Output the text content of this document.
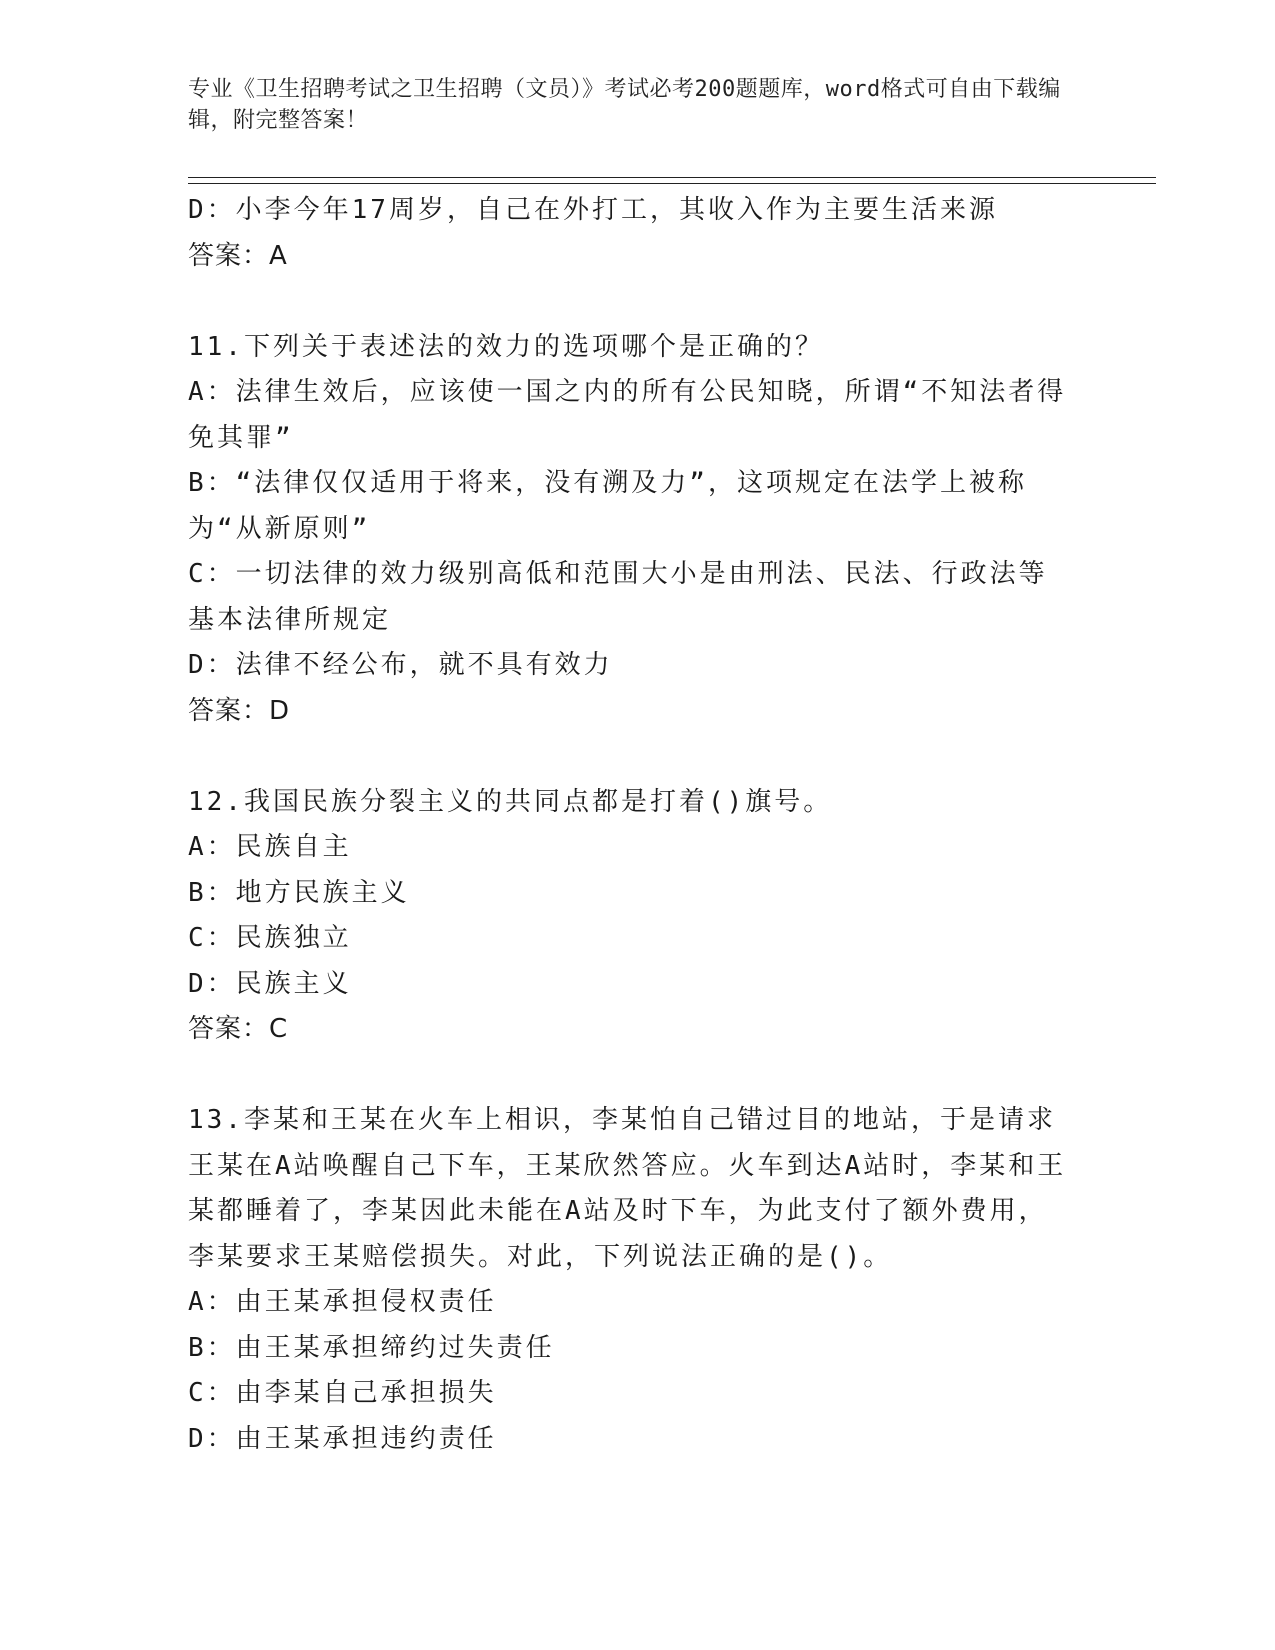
专业《卫生招聘考试之卫生招聘（文员）》考试必考200题题库，word格式可自由下载编辑，附完整答案！
D：小李今年17周岁，自己在外打工，其收入作为主要生活来源
答案：A
11.下列关于表述法的效力的选项哪个是正确的？
A：法律生效后，应该使一国之内的所有公民知晓，所谓“不知法者得免其罪”
B：“法律仅仅适用于将来，没有溯及力”，这项规定在法学上被称为“从新原则”
C：一切法律的效力级别高低和范围大小是由刑法、民法、行政法等基本法律所规定
D：法律不经公布，就不具有效力
答案：D
12.我国民族分裂主义的共同点都是打着()旗号。
A：民族自主
B：地方民族主义
C：民族独立
D：民族主义
答案：C
13.李某和王某在火车上相识，李某怕自己错过目的地站，于是请求王某在A站唤醒自己下车，王某欣然答应。火车到达A站时，李某和王某都睡着了，李某因此未能在A站及时下车，为此支付了额外费用，李某要求王某赔偿损失。对此，下列说法正确的是()。
A：由王某承担侵权责任
B：由王某承担缔约过失责任
C：由李某自己承担损失
D：由王某承担违约责任
